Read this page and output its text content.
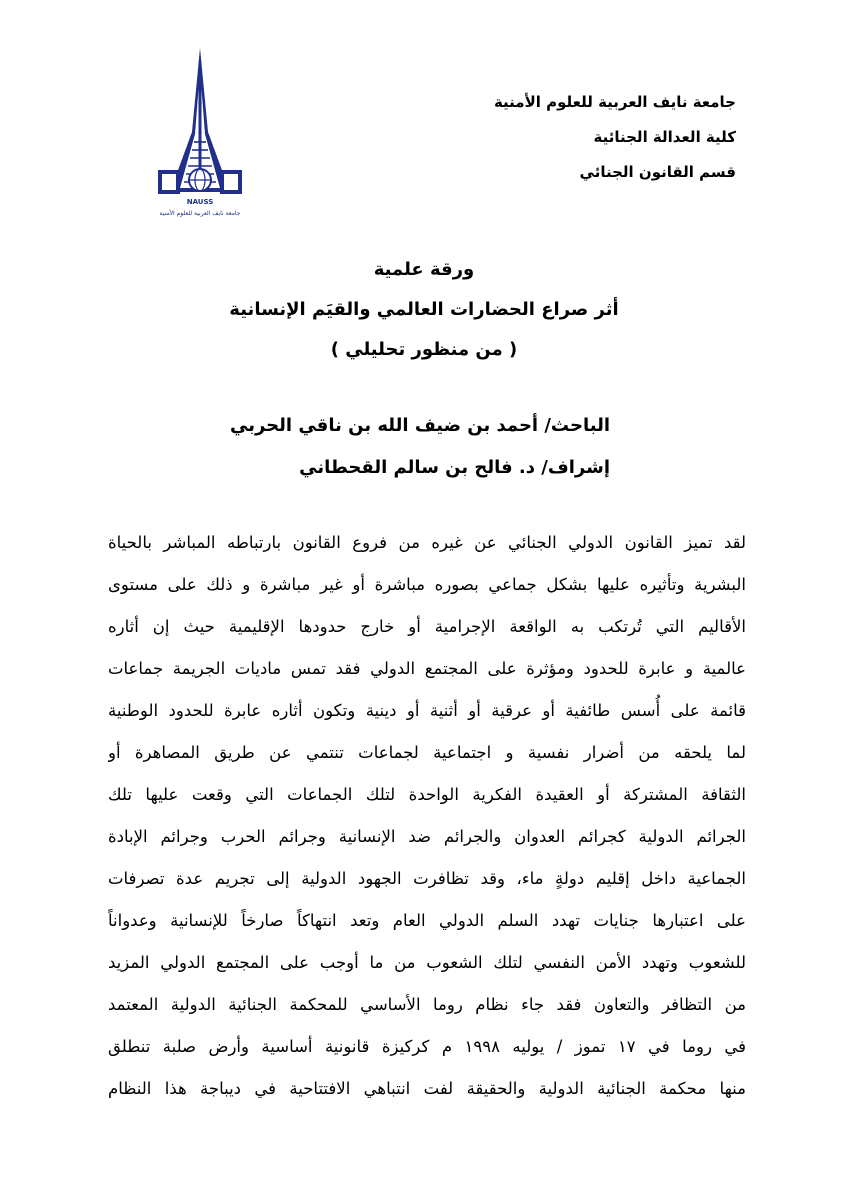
NAUSS
جامعة نايف العربية للعلوم الأمنية
جامعة نايف العربية للعلوم الأمنية
كلية العدالة الجنائية
قسم القانون الجنائي
ورقة علمية
أثر صراع الحضارات العالمي والقيَم الإنسانية
( من منظور تحليلي )
الباحث/ أحمد بن ضيف الله بن ناقي الحربي
إشراف/ د. فالح بن سالم القحطاني
لقد تميز القانون الدولي الجنائي عن غيره من فروع القانون بارتباطه المباشر بالحياة
البشرية وتأثيره عليها بشكل جماعي بصوره مباشرة أو غير مباشرة و ذلك على مستوى
الأقاليم التي تُرتكب به الواقعة الإجرامية أو خارج حدودها الإقليمية حيث إن أثاره
عالمية و عابرة للحدود ومؤثرة على المجتمع الدولي فقد تمس ماديات الجريمة جماعات
قائمة على أُسس طائفية أو عرقية أو أثنية أو دينية وتكون أثاره عابرة للحدود الوطنية
لما يلحقه من أضرار نفسية و اجتماعية لجماعات تنتمي عن طريق المصاهرة أو
الثقافة المشتركة أو العقيدة الفكرية الواحدة لتلك الجماعات التي وقعت عليها تلك
الجرائم الدولية كجرائم العدوان والجرائم ضد الإنسانية وجرائم الحرب وجرائم الإبادة
الجماعية داخل إقليم دولةٍ ماء، وقد تظافرت الجهود الدولية إلى تجريم عدة تصرفات
على اعتبارها جنايات تهدد السلم الدولي العام وتعد انتهاكاً صارخاً للإنسانية وعدواناً
للشعوب وتهدد الأمن النفسي لتلك الشعوب من ما أوجب على المجتمع الدولي المزيد
من التظافر والتعاون فقد جاء نظام روما الأساسي للمحكمة الجنائية الدولية المعتمد
في روما في ١٧ تموز / يوليه ١٩٩٨ م كركيزة قانونية أساسية وأرض صلبة تنطلق
منها محكمة الجنائية الدولية والحقيقة لفت انتباهي الافتتاحية في ديباجة هذا النظام
